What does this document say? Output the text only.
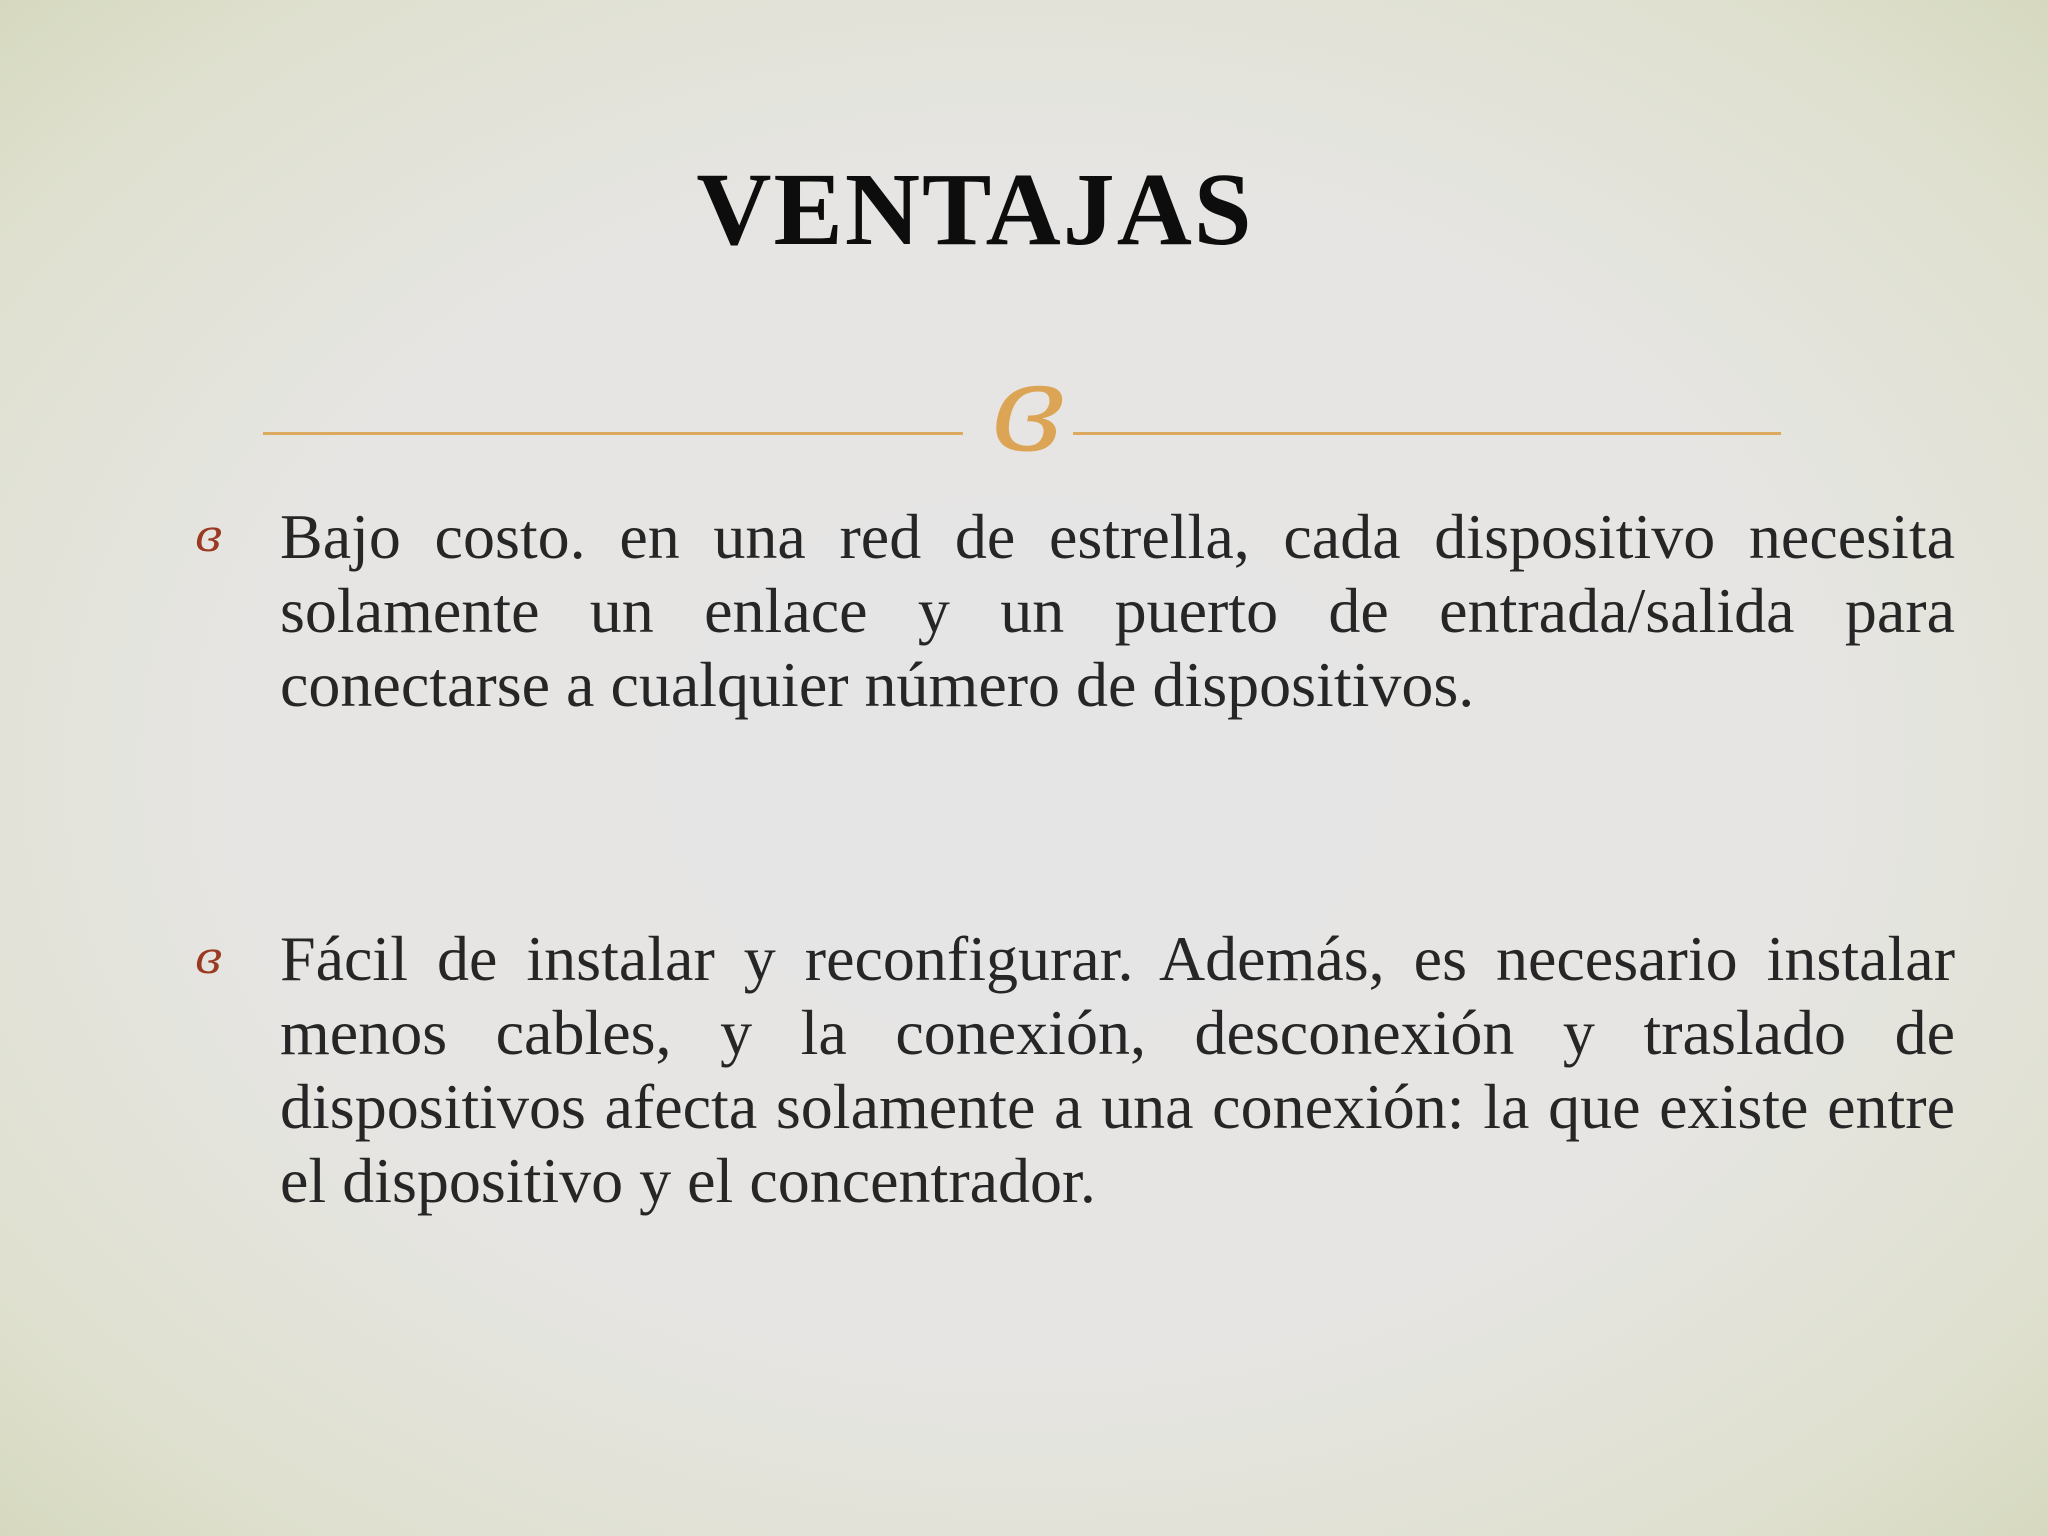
VENTAJAS
ɞ

ɞ Bajo costo. en una red de estrella, cada dispositivo necesita solamente un enlace y un puerto de entrada/salida para conectarse a cualquier número de dispositivos.

ɞ Fácil de instalar y reconfigurar. Además, es necesario instalar menos cables, y la conexión, desconexión y traslado de dispositivos afecta solamente a una conexión: la que existe entre el dispositivo y el concentrador.
